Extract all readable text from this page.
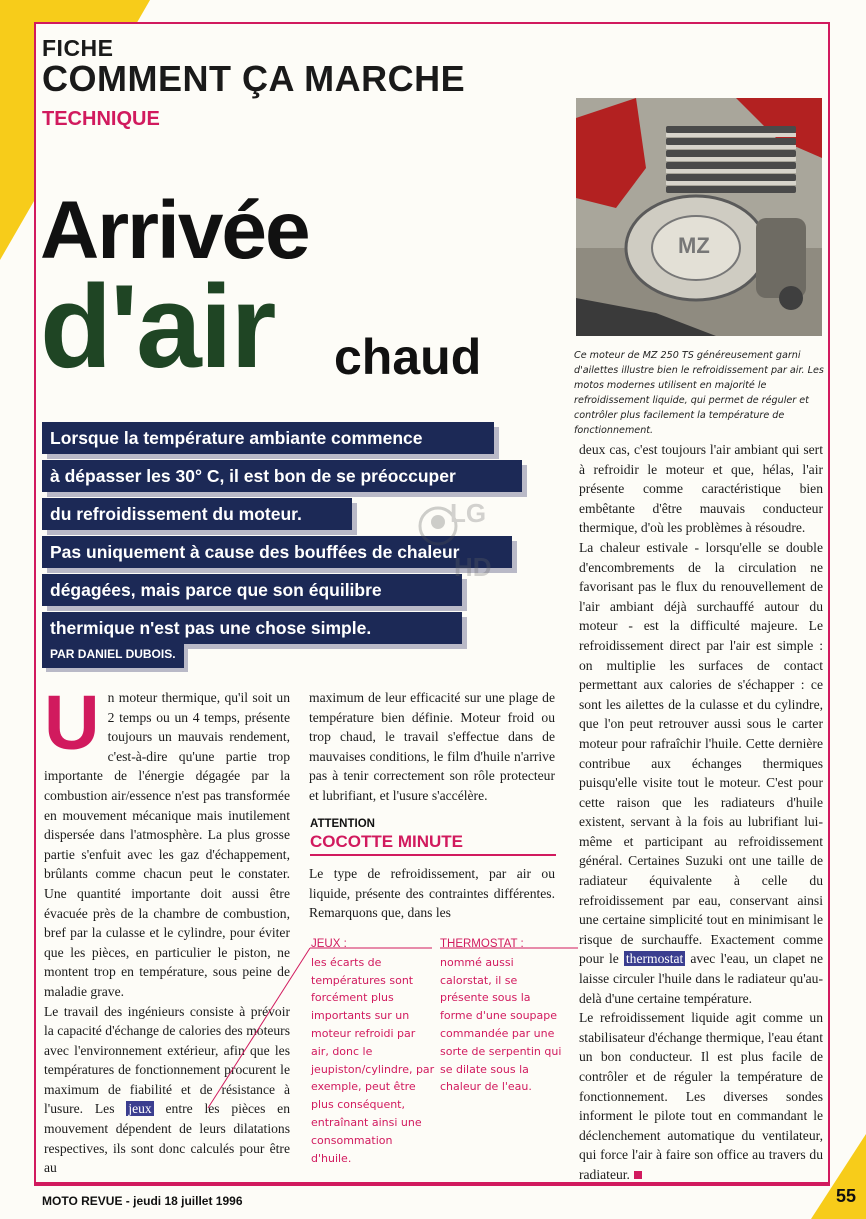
FICHE
COMMENT ÇA MARCHE
TECHNIQUE
MZ
Ce moteur de MZ 250 TS généreusement garni d'ailettes illustre bien le refroidissement par air. Les motos modernes utilisent en majorité le refroidissement liquide, qui permet de réguler et contrôler plus facilement la température de fonctionnement.
Arrivée
d'air chaud
Lorsque la température ambiante commence
à dépasser les 30° C, il est bon de se préoccuper
du refroidissement du moteur.
Pas uniquement à cause des bouffées de chaleur
dégagées, mais parce que son équilibre
thermique n'est pas une chose simple.
PAR DANIEL DUBOIS.
LG
HD

Un moteur thermique, qu'il soit un 2 temps ou un 4 temps, présente toujours un mauvais rendement, c'est-à-dire qu'une partie trop importante de l'énergie dégagée par la combustion air/essence n'est pas transformée en mouvement mécanique mais inutilement dispersée dans l'atmosphère. La plus grosse partie s'enfuit avec les gaz d'échappement, brûlants comme chacun peut le constater. Une quantité importante doit aussi être évacuée près de la chambre de combustion, bref par la culasse et le cylindre, pour éviter que les pièces, en particulier le piston, ne montent trop en température, sous peine de maladie grave.

Le travail des ingénieurs consiste à prévoir la capacité d'échange de calories des moteurs avec l'environnement extérieur, afin que les températures de fonctionnement procurent le maximum de fiabilité et de résistance à l'usure. Les jeux entre les pièces en mouvement dépendent de leurs dilatations respectives, ils sont donc calculés pour être au

maximum de leur efficacité sur une plage de température bien définie. Moteur froid ou trop chaud, le travail s'effectue dans de mauvaises conditions, le film d'huile n'arrive pas à tenir correctement son rôle protecteur et lubrifiant, et l'usure s'accélère.

ATTENTION
COCOTTE MINUTE

Le type de refroidissement, par air ou liquide, présente des contraintes différentes. Remarquons que, dans les

JEUX :
les écarts de températures sont forcément plus importants sur un moteur refroidi par air, donc le jeupiston/cylindre, par exemple, peut être plus conséquent, entraînant ainsi une consommation d'huile.
THERMOSTAT :
nommé aussi calorstat, il se présente sous la forme d'une soupape commandée par une sorte de serpentin qui se dilate sous la chaleur de l'eau.

deux cas, c'est toujours l'air ambiant qui sert à refroidir le moteur et que, hélas, l'air présente comme caractéristique bien embêtante d'être mauvais conducteur thermique, d'où les problèmes à résoudre.

La chaleur estivale - lorsqu'elle se double d'encombrements de la circulation ne favorisant pas le flux du renouvellement de l'air ambiant déjà surchauffé autour du moteur - est la difficulté majeure. Le refroidissement direct par l'air est simple : on multiplie les surfaces de contact permettant aux calories de s'échapper : ce sont les ailettes de la culasse et du cylindre, que l'on peut retrouver aussi sous le carter moteur pour rafraîchir l'huile. Cette dernière contribue aux échanges thermiques puisqu'elle visite tout le moteur. C'est pour cette raison que les radiateurs d'huile existent, servant à la fois au lubrifiant lui-même et participant au refroidissement général. Certaines Suzuki ont une taille de radiateur équivalente à celle du refroidissement par eau, conservant ainsi une certaine simplicité tout en minimisant le risque de surchauffe. Exactement comme pour le thermostat avec l'eau, un clapet ne laisse circuler l'huile dans le radiateur qu'au-delà d'une certaine température.

Le refroidissement liquide agit comme un stabilisateur d'échange thermique, l'eau étant un bon conducteur. Il est plus facile de contrôler et de réguler la température de fonctionnement. Les diverses sondes informent le pilote tout en commandant le déclenchement automatique du ventilateur, qui force l'air à faire son office au travers du radiateur.

MOTO REVUE - jeudi 18 juillet 1996	55
